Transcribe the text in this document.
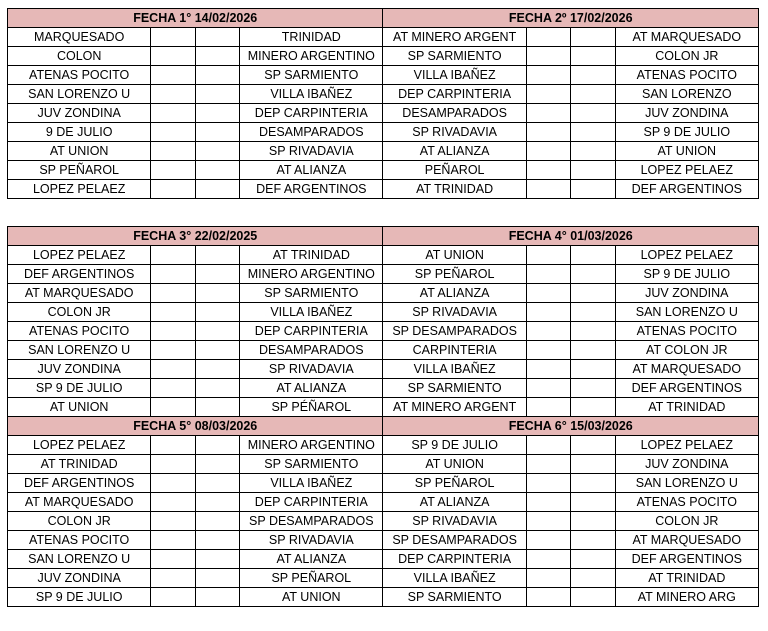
FECHA 1° 14/02/2026				FECHA 2º 17/02/2026			
MARQUESADO			TRINIDAD	AT MINERO ARGENT			AT MARQUESADO
COLON			MINERO ARGENTINO	SP SARMIENTO			COLON JR
ATENAS POCITO			SP SARMIENTO	VILLA IBAÑEZ			ATENAS POCITO
SAN LORENZO U			VILLA IBAÑEZ	DEP CARPINTERIA			SAN LORENZO
JUV ZONDINA			DEP CARPINTERIA	DESAMPARADOS			JUV ZONDINA
9 DE JULIO			DESAMPARADOS	SP RIVADAVIA			SP 9 DE JULIO
AT UNION			SP RIVADAVIA	AT ALIANZA			AT UNION
SP PEÑAROL			AT ALIANZA	PEÑAROL			LOPEZ PELAEZ
LOPEZ PELAEZ			DEF ARGENTINOS	AT TRINIDAD			DEF ARGENTINOS
FECHA 3° 22/02/2025				FECHA 4° 01/03/2026			
LOPEZ PELAEZ			AT TRINIDAD	AT UNION			LOPEZ PELAEZ
DEF ARGENTINOS			MINERO ARGENTINO	SP PEÑAROL			SP 9 DE JULIO
AT MARQUESADO			SP SARMIENTO	AT ALIANZA			JUV ZONDINA
COLON JR			VILLA IBAÑEZ	SP RIVADAVIA			SAN LORENZO U
ATENAS POCITO			DEP CARPINTERIA	SP DESAMPARADOS			ATENAS POCITO
SAN LORENZO U			DESAMPARADOS	CARPINTERIA			AT COLON JR
JUV ZONDINA			SP RIVADAVIA	VILLA IBAÑEZ			AT MARQUESADO
SP 9 DE JULIO			AT ALIANZA	SP SARMIENTO			DEF ARGENTINOS
AT UNION			SP PÉÑAROL	AT MINERO ARGENT			AT TRINIDAD
FECHA 5° 08/03/2026				FECHA 6° 15/03/2026			
LOPEZ PELAEZ			MINERO ARGENTINO	SP 9 DE JULIO			LOPEZ PELAEZ
AT TRINIDAD			SP SARMIENTO	AT UNION			JUV ZONDINA
DEF ARGENTINOS			VILLA IBAÑEZ	SP PEÑAROL			SAN LORENZO U
AT MARQUESADO			DEP CARPINTERIA	AT ALIANZA			ATENAS POCITO
COLON JR			SP DESAMPARADOS	SP RIVADAVIA			COLON JR
ATENAS POCITO			SP RIVADAVIA	SP DESAMPARADOS			AT MARQUESADO
SAN LORENZO U			AT ALIANZA	DEP CARPINTERIA			DEF ARGENTINOS
JUV ZONDINA			SP PEÑAROL	VILLA IBAÑEZ			AT TRINIDAD
SP 9 DE JULIO			AT UNION	SP SARMIENTO			AT MINERO ARG
